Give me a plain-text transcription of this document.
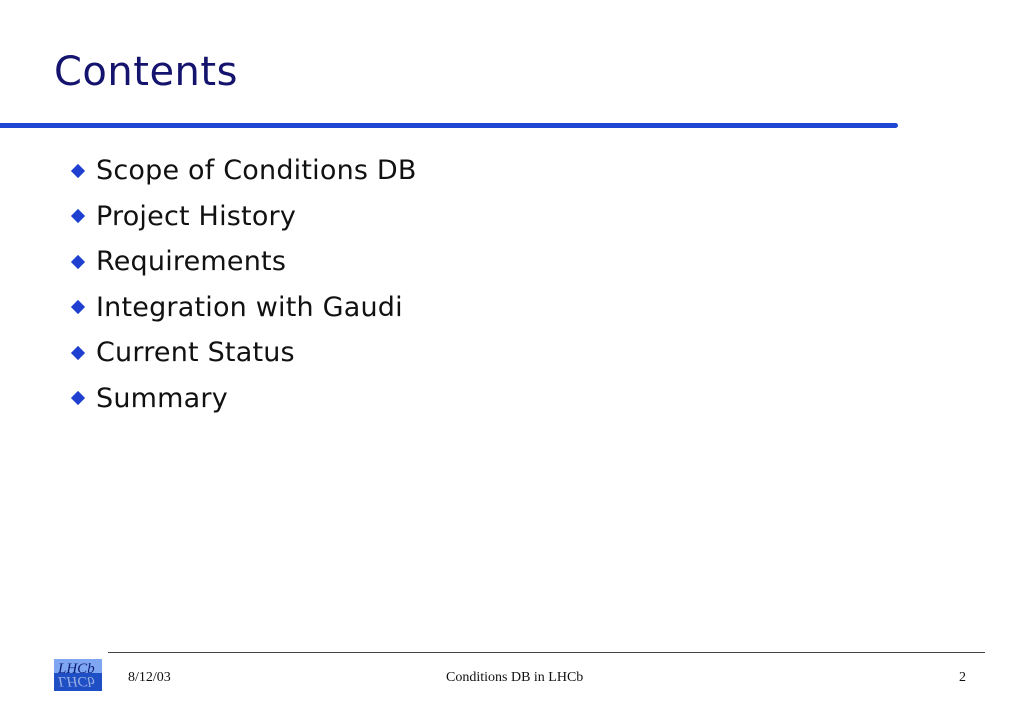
Contents
Scope of Conditions DB
Project History
Requirements
Integration with Gaudi
Current Status
Summary
LHCb
LHCb
8/12/03	Conditions DB in LHCb	2
